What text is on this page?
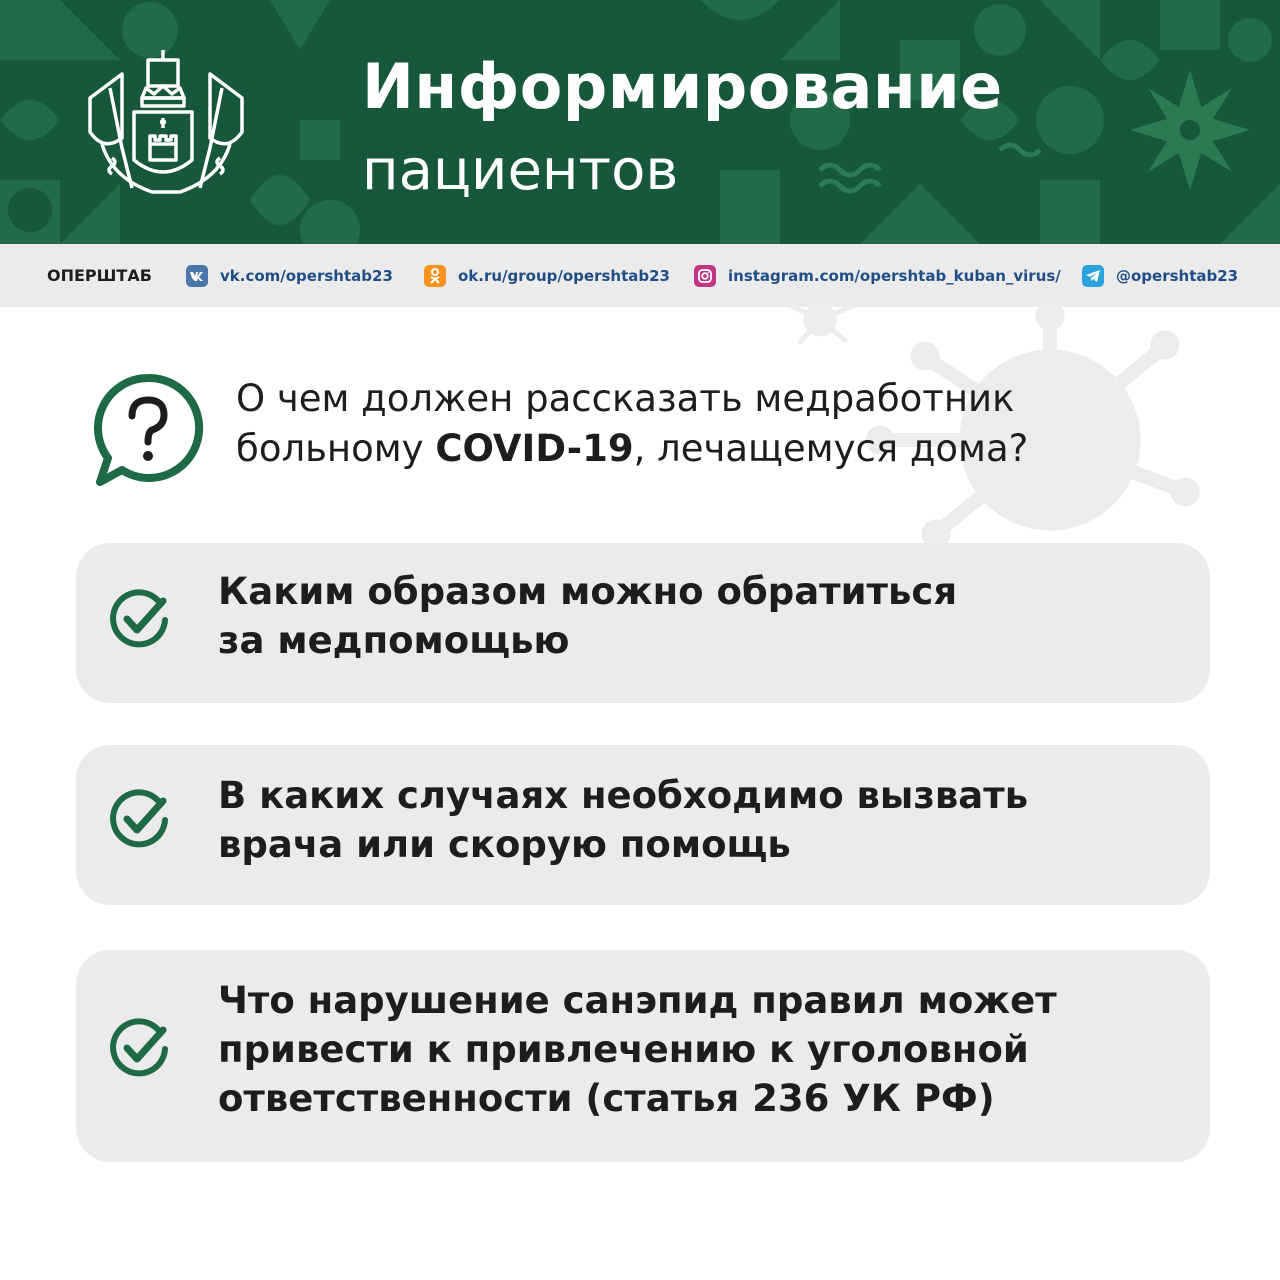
Информирование
пациентов
ОПЕРШТАБ	vk.com/opershtab23	ok.ru/group/opershtab23	instagram.com/opershtab_kuban_virus/	@opershtab23
О чем должен рассказать медработник
больному COVID-19, лечащемуся дома?
Каким образом можно обратиться
за медпомощью
В каких случаях необходимо вызвать
врача или скорую помощь
Что нарушение санэпид правил может
привести к привлечению к уголовной
ответственности (статья 236 УК РФ)
